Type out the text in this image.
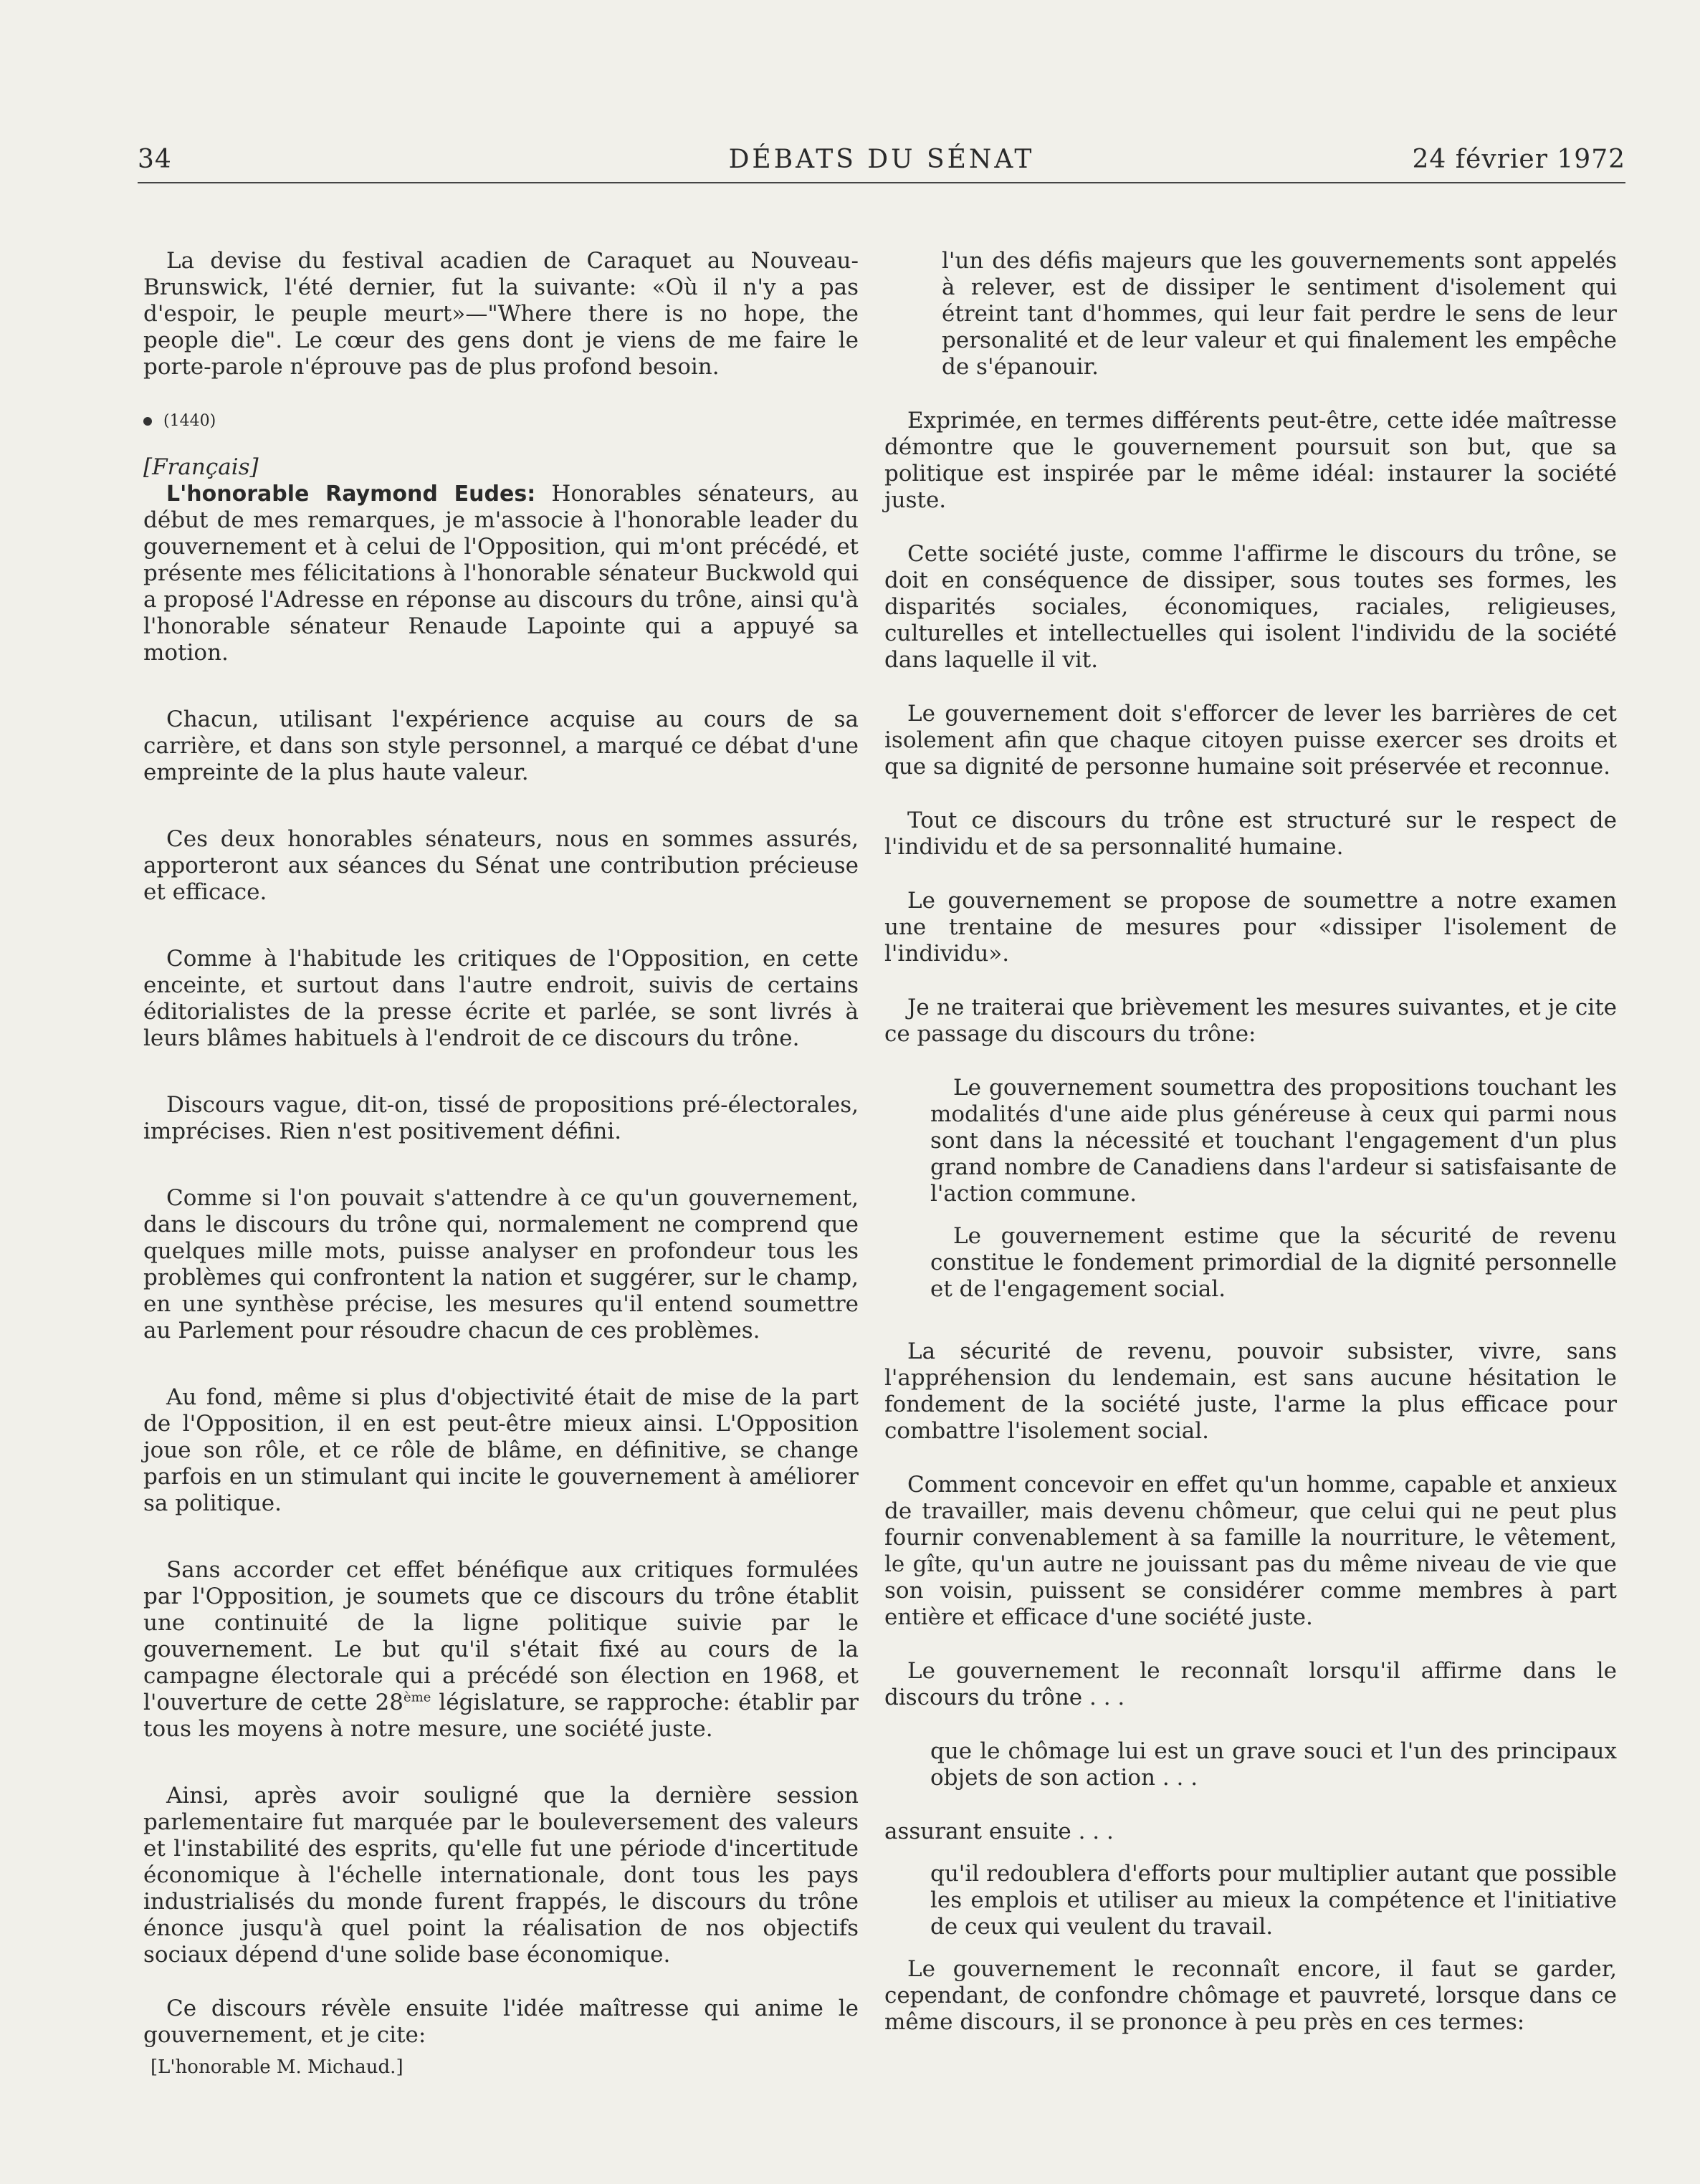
34	DÉBATS DU SÉNAT	24 février 1972

La devise du festival acadien de Caraquet au Nouveau-Brunswick, l'été dernier, fut la suivante: «Où il n'y a pas d'espoir, le peuple meurt»—"Where there is no hope, the people die". Le cœur des gens dont je viens de me faire le porte-parole n'éprouve pas de plus profond besoin.

(1440)

[Français]

L'honorable Raymond Eudes: Honorables sénateurs, au début de mes remarques, je m'associe à l'honorable leader du gouvernement et à celui de l'Opposition, qui m'ont précédé, et présente mes félicitations à l'honorable sénateur Buckwold qui a proposé l'Adresse en réponse au discours du trône, ainsi qu'à l'honorable sénateur Renaude Lapointe qui a appuyé sa motion.

Chacun, utilisant l'expérience acquise au cours de sa carrière, et dans son style personnel, a marqué ce débat d'une empreinte de la plus haute valeur.

Ces deux honorables sénateurs, nous en sommes assurés, apporteront aux séances du Sénat une contribution précieuse et efficace.

Comme à l'habitude les critiques de l'Opposition, en cette enceinte, et surtout dans l'autre endroit, suivis de certains éditorialistes de la presse écrite et parlée, se sont livrés à leurs blâmes habituels à l'endroit de ce discours du trône.

Discours vague, dit-on, tissé de propositions pré-électorales, imprécises. Rien n'est positivement défini.

Comme si l'on pouvait s'attendre à ce qu'un gouvernement, dans le discours du trône qui, normalement ne comprend que quelques mille mots, puisse analyser en profondeur tous les problèmes qui confrontent la nation et suggérer, sur le champ, en une synthèse précise, les mesures qu'il entend soumettre au Parlement pour résoudre chacun de ces problèmes.

Au fond, même si plus d'objectivité était de mise de la part de l'Opposition, il en est peut-être mieux ainsi. L'Opposition joue son rôle, et ce rôle de blâme, en définitive, se change parfois en un stimulant qui incite le gouvernement à améliorer sa politique.

Sans accorder cet effet bénéfique aux critiques formulées par l'Opposition, je soumets que ce discours du trône établit une continuité de la ligne politique suivie par le gouvernement. Le but qu'il s'était fixé au cours de la campagne électorale qui a précédé son élection en 1968, et l'ouverture de cette 28ème législature, se rapproche: établir par tous les moyens à notre mesure, une société juste.

Ainsi, après avoir souligné que la dernière session parlementaire fut marquée par le bouleversement des valeurs et l'instabilité des esprits, qu'elle fut une période d'incertitude économique à l'échelle internationale, dont tous les pays industrialisés du monde furent frappés, le discours du trône énonce jusqu'à quel point la réalisation de nos objectifs sociaux dépend d'une solide base économique.

Ce discours révèle ensuite l'idée maîtresse qui anime le gouvernement, et je cite:

[L'honorable M. Michaud.]

l'un des défis majeurs que les gouvernements sont appelés à relever, est de dissiper le sentiment d'isolement qui étreint tant d'hommes, qui leur fait perdre le sens de leur personalité et de leur valeur et qui finalement les empêche de s'épanouir.

Exprimée, en termes différents peut-être, cette idée maîtresse démontre que le gouvernement poursuit son but, que sa politique est inspirée par le même idéal: instaurer la société juste.

Cette société juste, comme l'affirme le discours du trône, se doit en conséquence de dissiper, sous toutes ses formes, les disparités sociales, économiques, raciales, religieuses, culturelles et intellectuelles qui isolent l'individu de la société dans laquelle il vit.

Le gouvernement doit s'efforcer de lever les barrières de cet isolement afin que chaque citoyen puisse exercer ses droits et que sa dignité de personne humaine soit préservée et reconnue.

Tout ce discours du trône est structuré sur le respect de l'individu et de sa personnalité humaine.

Le gouvernement se propose de soumettre a notre examen une trentaine de mesures pour «dissiper l'isolement de l'individu».

Je ne traiterai que brièvement les mesures suivantes, et je cite ce passage du discours du trône:

Le gouvernement soumettra des propositions touchant les modalités d'une aide plus généreuse à ceux qui parmi nous sont dans la nécessité et touchant l'engagement d'un plus grand nombre de Canadiens dans l'ardeur si satisfaisante de l'action commune.

Le gouvernement estime que la sécurité de revenu constitue le fondement primordial de la dignité personnelle et de l'engagement social.

La sécurité de revenu, pouvoir subsister, vivre, sans l'appréhension du lendemain, est sans aucune hésitation le fondement de la société juste, l'arme la plus efficace pour combattre l'isolement social.

Comment concevoir en effet qu'un homme, capable et anxieux de travailler, mais devenu chômeur, que celui qui ne peut plus fournir convenablement à sa famille la nourriture, le vêtement, le gîte, qu'un autre ne jouissant pas du même niveau de vie que son voisin, puissent se considérer comme membres à part entière et efficace d'une société juste.

Le gouvernement le reconnaît lorsqu'il affirme dans le discours du trône . . .

que le chômage lui est un grave souci et l'un des principaux objets de son action . . .

assurant ensuite . . .

qu'il redoublera d'efforts pour multiplier autant que possible les emplois et utiliser au mieux la compétence et l'initiative de ceux qui veulent du travail.

Le gouvernement le reconnaît encore, il faut se garder, cependant, de confondre chômage et pauvreté, lorsque dans ce même discours, il se prononce à peu près en ces termes:
